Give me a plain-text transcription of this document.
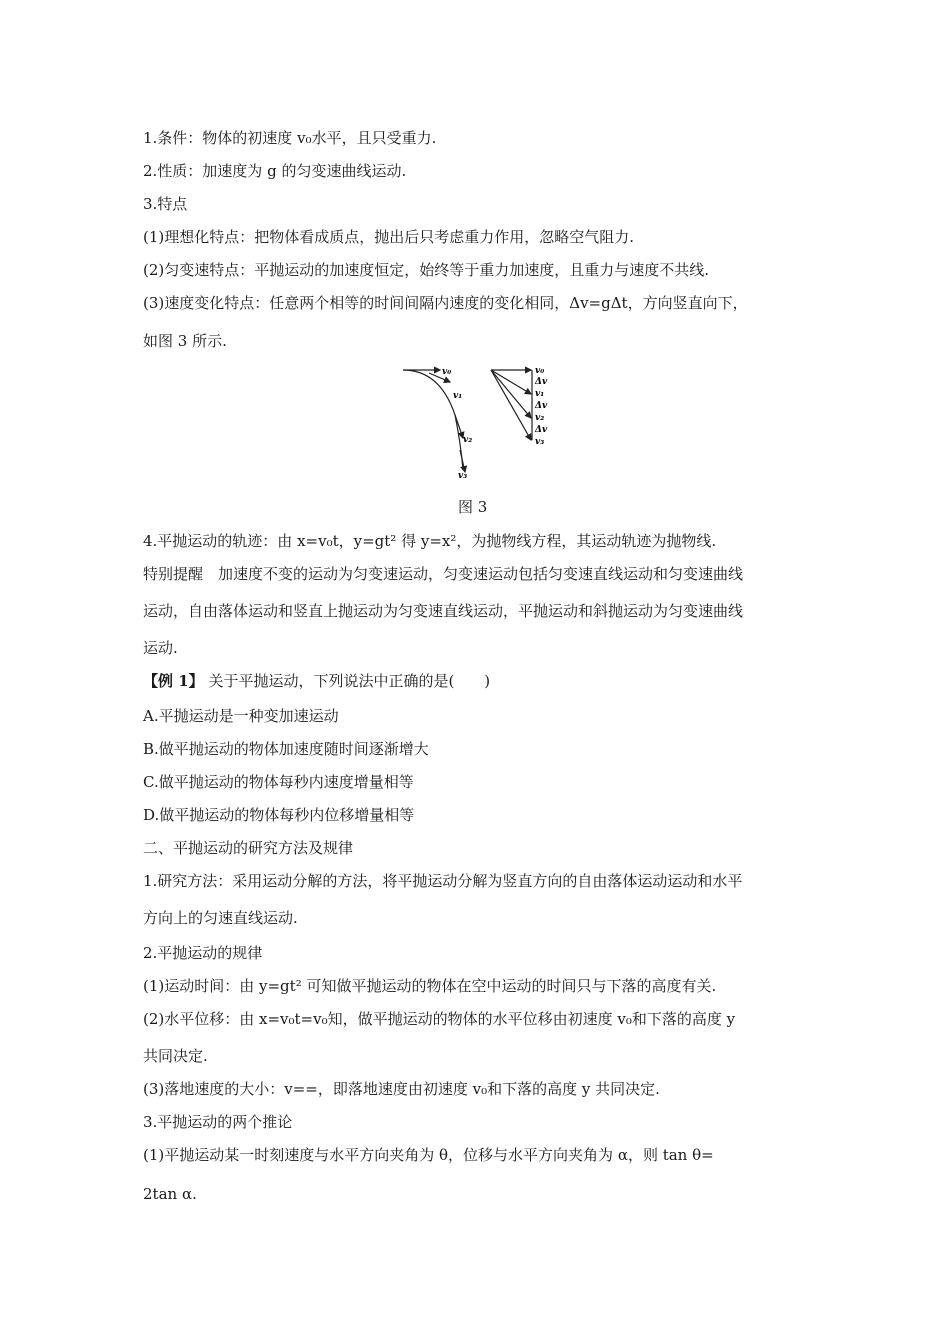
1.条件：物体的初速度 v₀水平，且只受重力.
2.性质：加速度为 g 的匀变速曲线运动.
3.特点
(1)理想化特点：把物体看成质点，抛出后只考虑重力作用，忽略空气阻力.
(2)匀变速特点：平抛运动的加速度恒定，始终等于重力加速度，且重力与速度不共线.
(3)速度变化特点：任意两个相等的时间间隔内速度的变化相同，Δv=gΔt，方向竖直向下，
如图 3 所示.
v₀
v₁
v₂
v₃
v₀
Δv
v₁
Δv
v₂
Δv
v₃
图 3
4.平抛运动的轨迹：由 x=v₀t，y=gt² 得 y=x²，为抛物线方程，其运动轨迹为抛物线.
特别提醒　加速度不变的运动为匀变速运动，匀变速运动包括匀变速直线运动和匀变速曲线
运动，自由落体运动和竖直上抛运动为匀变速直线运动，平抛运动和斜抛运动为匀变速曲线
运动.
【例 1】 关于平抛运动，下列说法中正确的是(　　)
A.平抛运动是一种变加速运动
B.做平抛运动的物体加速度随时间逐渐增大
C.做平抛运动的物体每秒内速度增量相等
D.做平抛运动的物体每秒内位移增量相等
二、平抛运动的研究方法及规律
1.研究方法：采用运动分解的方法，将平抛运动分解为竖直方向的自由落体运动运动和水平
方向上的匀速直线运动.
2.平抛运动的规律
(1)运动时间：由 y=gt² 可知做平抛运动的物体在空中运动的时间只与下落的高度有关.
(2)水平位移：由 x=v₀t=v₀知，做平抛运动的物体的水平位移由初速度 v₀和下落的高度 y
共同决定.
(3)落地速度的大小：v==，即落地速度由初速度 v₀和下落的高度 y 共同决定.
3.平抛运动的两个推论
(1)平抛运动某一时刻速度与水平方向夹角为 θ，位移与水平方向夹角为 α，则 tan θ=
2tan α.
